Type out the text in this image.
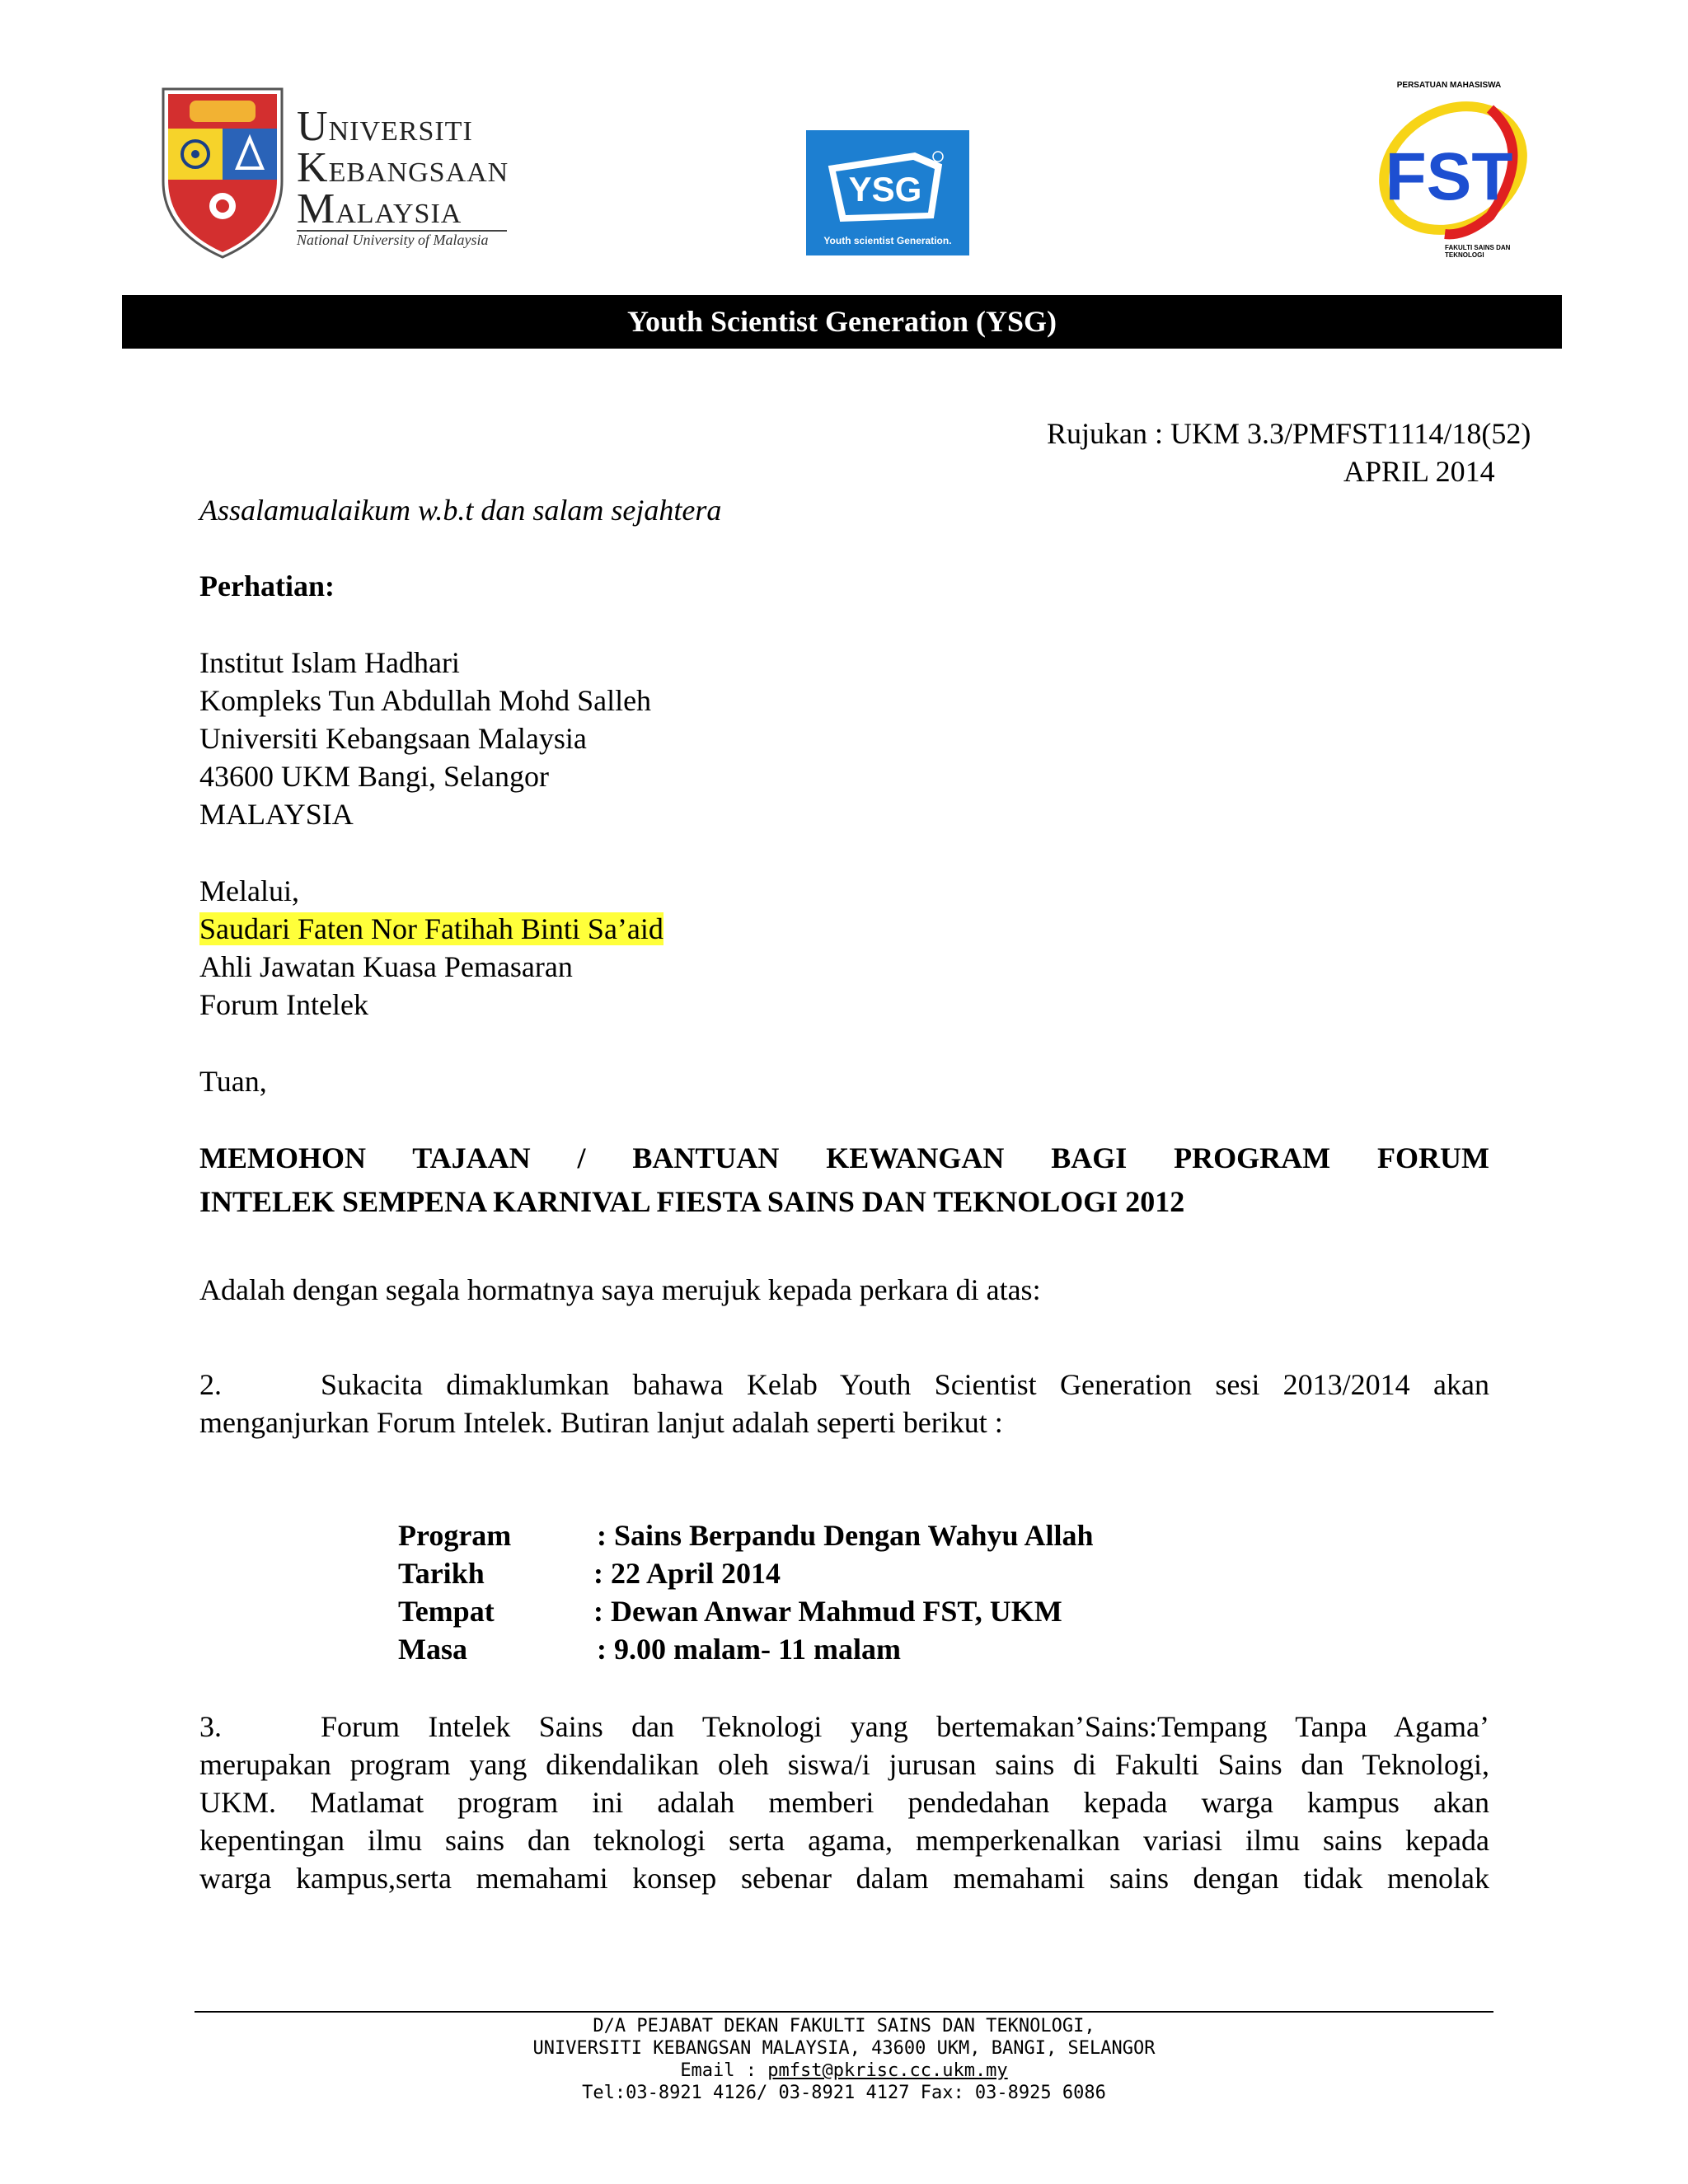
UNIVERSITI
KEBANGSAAN
MALAYSIA
National University of Malaysia
YSG
Youth scientist Generation.
PERSATUAN MAHASISWA
FST
FAKULTI SAINS DAN TEKNOLOGI
Youth Scientist Generation (YSG)
Rujukan : UKM 3.3/PMFST1114/18(52)
APRIL 2014
Assalamualaikum w.b.t dan salam sejahtera
Perhatian:
Institut Islam Hadhari
Kompleks Tun Abdullah Mohd Salleh
Universiti Kebangsaan Malaysia
43600 UKM Bangi, Selangor
MALAYSIA
Melalui,
Saudari Faten Nor Fatihah Binti Sa’aid
Ahli Jawatan Kuasa Pemasaran
Forum Intelek
Tuan,
MEMOHON TAJAAN / BANTUAN KEWANGAN BAGI PROGRAM FORUM
INTELEK SEMPENA KARNIVAL FIESTA SAINS DAN TEKNOLOGI 2012
Adalah dengan segala hormatnya saya merujuk kepada perkara di atas:
2.	Sukacita dimaklumkan bahawa Kelab Youth Scientist Generation sesi 2013/2014 akan
menganjurkan Forum Intelek. Butiran lanjut adalah seperti berikut :
Program	: Sains Berpandu Dengan Wahyu Allah
Tarikh	: 22 April 2014
Tempat	: Dewan Anwar Mahmud FST, UKM
Masa	: 9.00 malam- 11 malam
3.	Forum Intelek Sains dan Teknologi yang bertemakan’Sains:Tempang Tanpa Agama’
merupakan program yang dikendalikan oleh siswa/i jurusan sains di Fakulti Sains dan Teknologi,
UKM. Matlamat program ini adalah memberi pendedahan kepada warga kampus akan
kepentingan ilmu sains dan teknologi serta agama, memperkenalkan variasi ilmu sains kepada
warga kampus,serta memahami konsep sebenar dalam memahami sains dengan tidak menolak
D/A PEJABAT DEKAN FAKULTI SAINS DAN TEKNOLOGI,
UNIVERSITI KEBANGSAN MALAYSIA, 43600 UKM, BANGI, SELANGOR
Email : pmfst@pkrisc.cc.ukm.my
Tel:03-8921 4126/ 03-8921 4127 Fax: 03-8925 6086
